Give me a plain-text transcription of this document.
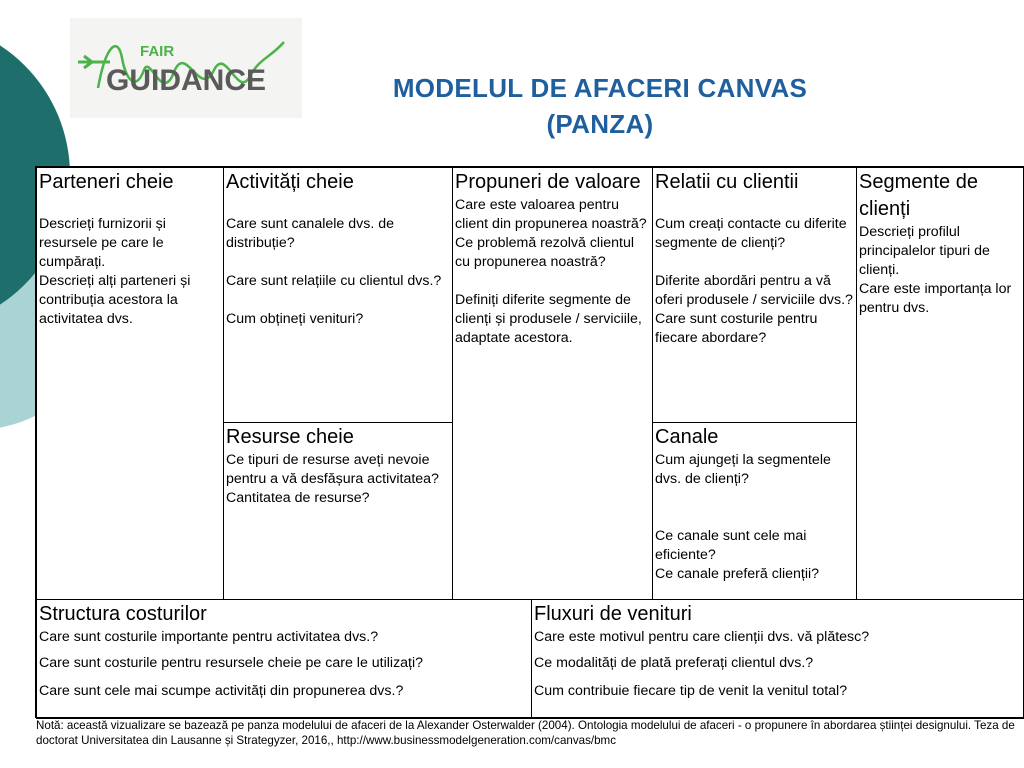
FAIR
GUIDANCE	MODELUL DE AFACERI CANVAS
(PANZA)
Parteneri cheie
Descrieți furnizorii și resursele pe care le cumpărați.
Descrieți alți parteneri și contribuția acestora la activitatea dvs.
Activități cheie
Care sunt canalele dvs. de distribuție?
Care sunt relațiile cu clientul dvs.?
Cum obțineți venituri?
Resurse cheie
Ce tipuri de resurse aveți nevoie pentru a vă desfășura activitatea? Cantitatea de resurse?
Propuneri de valoare
Care este valoarea pentru client din propunerea noastră?
Ce problemă rezolvă clientul cu propunerea noastră?
Definiți diferite segmente de clienți și produsele / serviciile, adaptate acestora.
Relatii cu clientii
Cum creați contacte cu diferite segmente de clienți?
Diferite abordări pentru a vă oferi produsele / serviciile dvs.?
Care sunt costurile pentru fiecare abordare?
Canale
Cum ajungeți la segmentele dvs. de clienți?
Ce canale sunt cele mai eficiente?
Ce canale preferă clienții?
Segmente de clienți
Descrieți profilul principalelor tipuri de clienți.
Care este importanța lor pentru dvs.
Structura costurilor
Care sunt costurile importante pentru activitatea dvs.?
Care sunt costurile pentru resursele cheie pe care le utilizați?
Care sunt cele mai scumpe activități din propunerea dvs.?
Fluxuri de venituri
Care este motivul pentru care clienții dvs. vă plătesc?
Ce modalități de plată preferați clientul dvs.?
Cum contribuie fiecare tip de venit la venitul total?
Notă: această vizualizare se bazează pe panza modelului de afaceri de la Alexander Osterwalder (2004). Ontologia modelului de afaceri - o propunere în abordarea științei designului. Teza de doctorat Universitatea din Lausanne și Strategyzer, 2016,, http://www.businessmodelgeneration.com/canvas/bmc
